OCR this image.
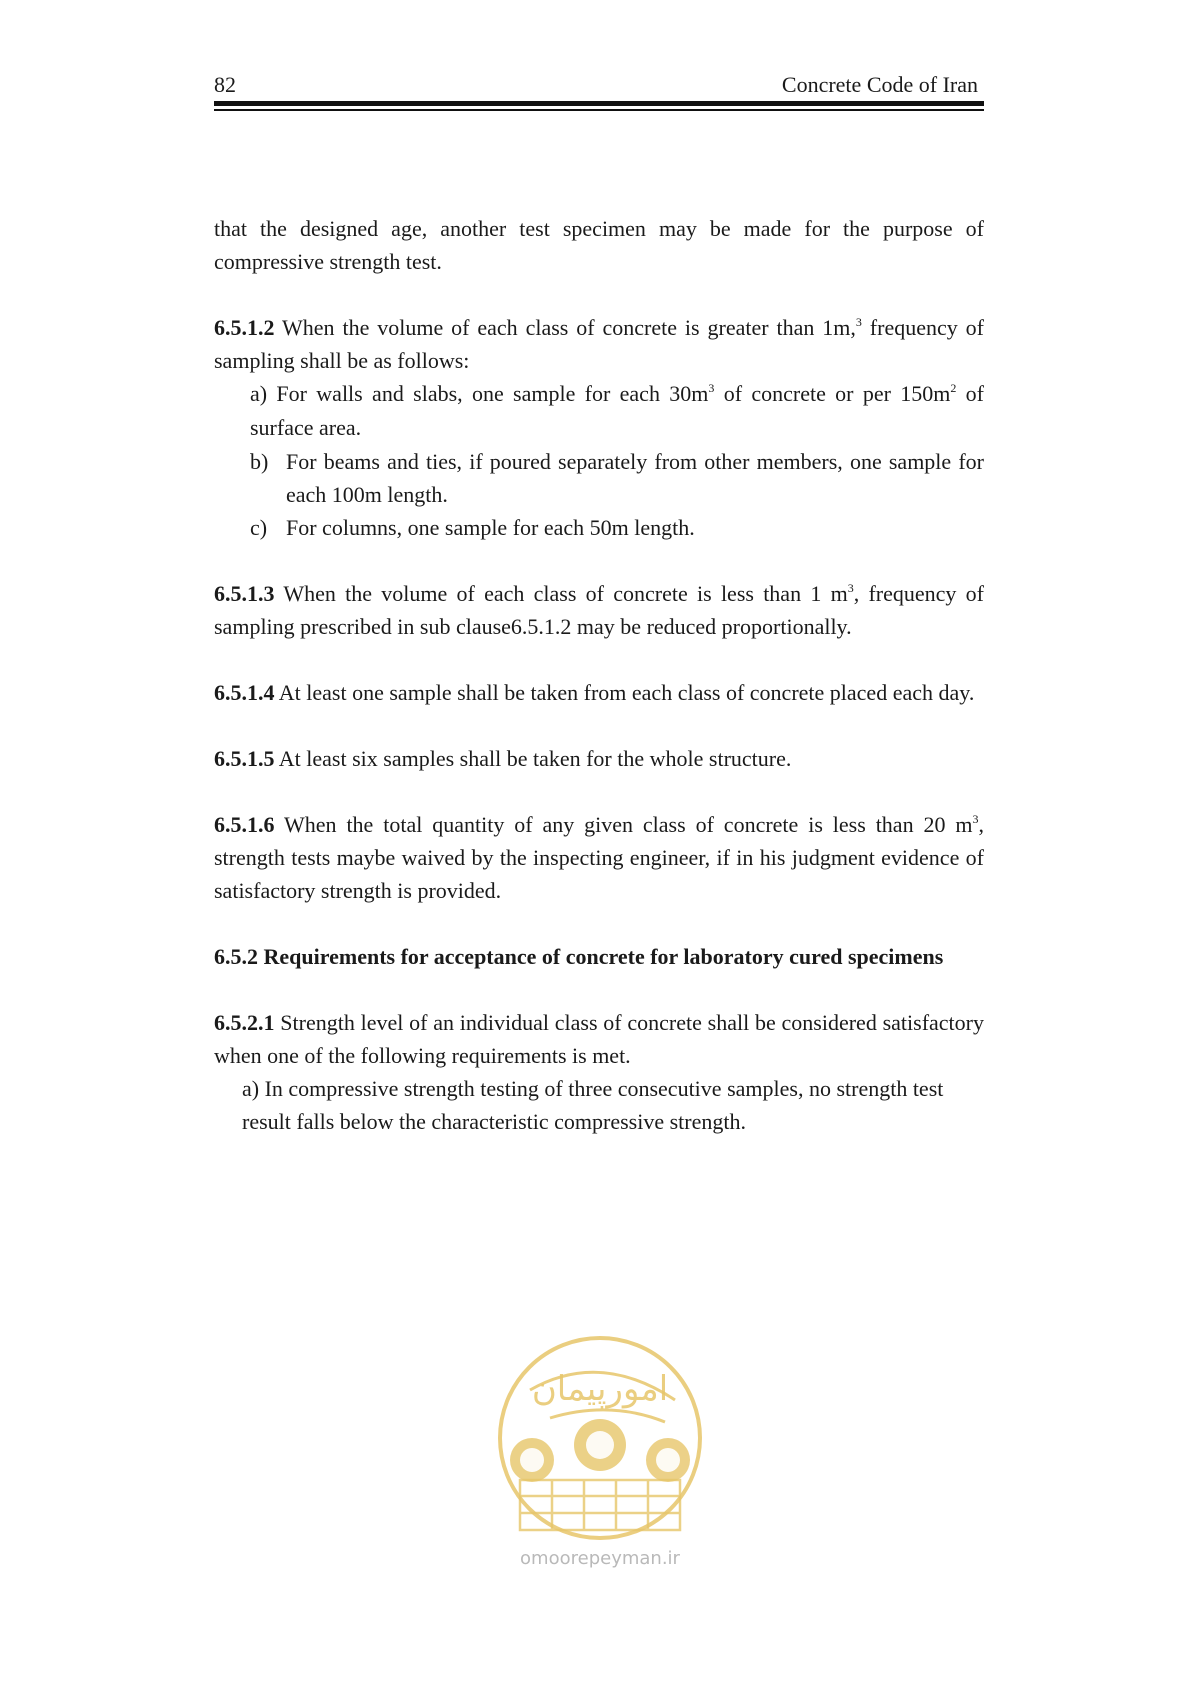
82	Concrete Code of Iran

that the designed age, another test specimen may be made for the purpose of compressive strength test.

6.5.1.2 When the volume of each class of concrete is greater than 1m,$^3$ frequency of sampling shall be as follows:

a) For walls and slabs, one sample for each $30m^3$ of concrete or per $150m^2$ of surface area.
b) For beams and ties, if poured separately from other members, one sample for each 100m length.
c) For columns, one sample for each 50m length.

6.5.1.3 When the volume of each class of concrete is less than 1 $m^3$, frequency of sampling prescribed in sub clause6.5.1.2 may be reduced proportionally.

6.5.1.4 At least one sample shall be taken from each class of concrete placed each day.

6.5.1.5 At least six samples shall be taken for the whole structure.

6.5.1.6 When the total quantity of any given class of concrete is less than 20 $m^3$, strength tests maybe waived by the inspecting engineer, if in his judgment evidence of satisfactory strength is provided.

6.5.2 Requirements for acceptance of concrete for laboratory cured specimens

6.5.2.1 Strength level of an individual class of concrete shall be considered satisfactory when one of the following requirements is met.

a) In compressive strength testing of three consecutive samples, no strength test result falls below the characteristic compressive strength.
امورپیمان
omoorepeyman.ir
